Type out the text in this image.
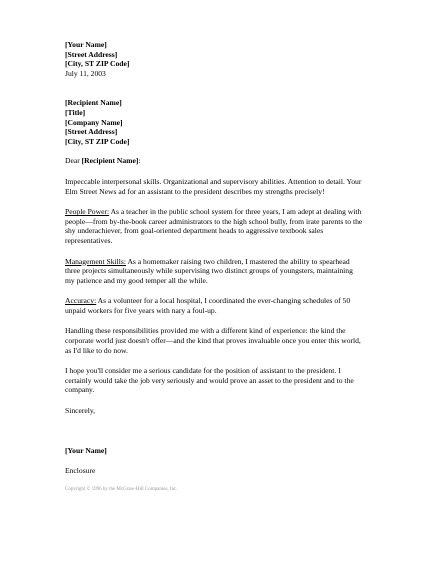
[Your Name]
[Street Address]
[City, ST ZIP Code]
July 11, 2003
[Recipient Name]
[Title]
[Company Name]
[Street Address]
[City, ST ZIP Code]
Dear [Recipient Name]:
Impeccable interpersonal skills. Organizational and supervisory abilities. Attention to detail. Your
Elm Street News ad for an assistant to the president describes my strengths precisely!
People Power: As a teacher in the public school system for three years, I am adept at dealing with
people—from by-the-book career administrators to the high school bully, from irate parents to the
shy underachiever, from goal-oriented department heads to aggressive textbook sales
representatives.
Management Skills: As a homemaker raising two children, I mastered the ability to spearhead
three projects simultaneously while supervising two distinct groups of youngsters, maintaining
my patience and my good temper all the while.
Accuracy: As a volunteer for a local hospital, I coordinated the ever-changing schedules of 50
unpaid workers for five years with nary a foul-up.
Handling these responsibilities provided me with a different kind of experience: the kind the
corporate world just doesn't offer—and the kind that proves invaluable once you enter this world,
as I'd like to do now.
I hope you'll consider me a serious candidate for the position of assistant to the president. I
certainly would take the job very seriously and would prove an asset to the president and to the
company.
Sincerely,
[Your Name]
Enclosure
Copyright © 1996 by the McGraw-Hill Companies, Inc.
